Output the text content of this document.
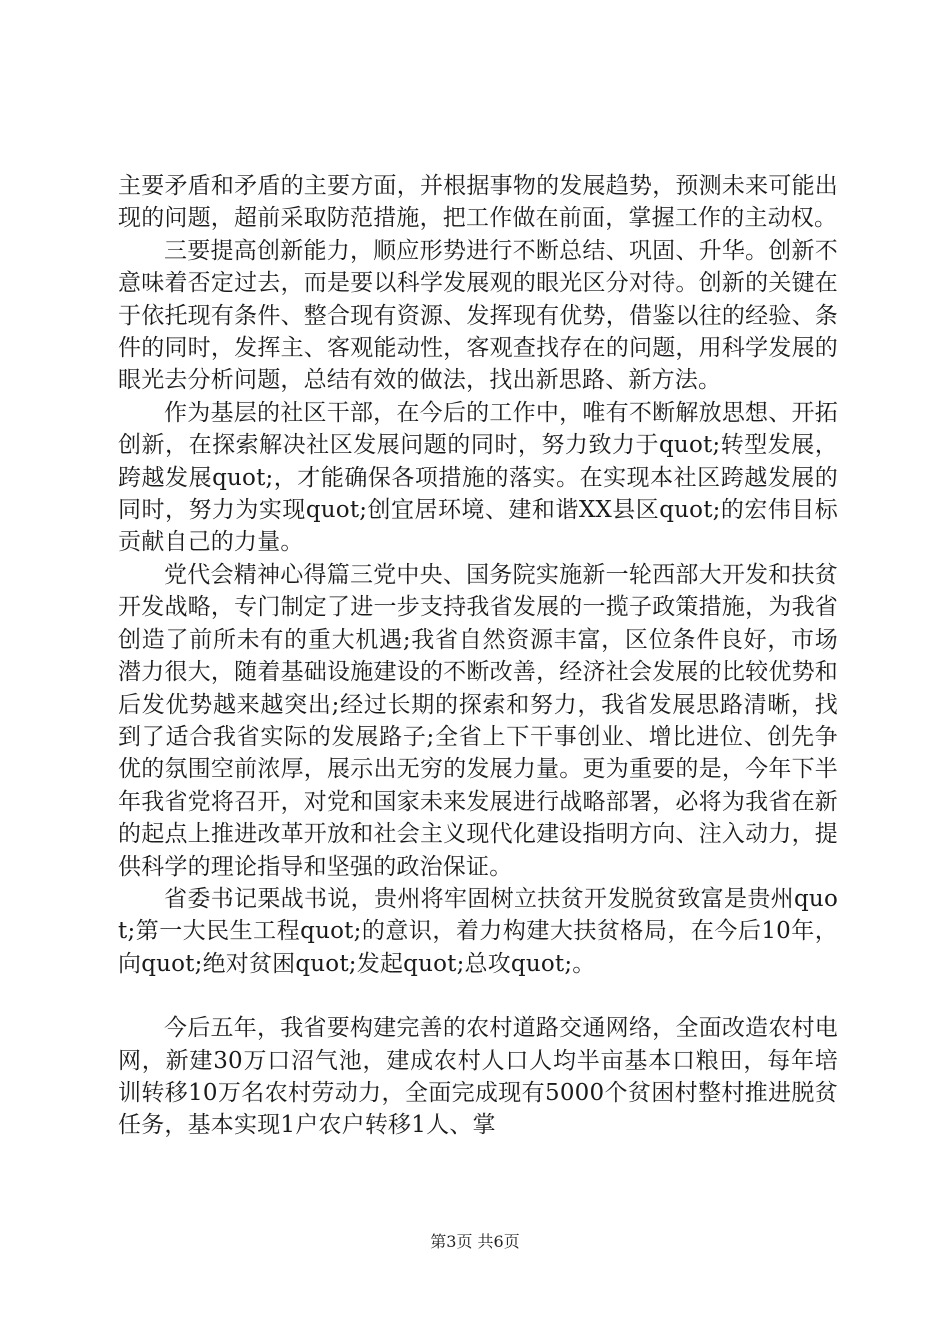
主要矛盾和矛盾的主要方面，并根据事物的发展趋势，预测未来可能出现的问题，超前采取防范措施，把工作做在前面，掌握工作的主动权。

三要提高创新能力，顺应形势进行不断总结、巩固、升华。创新不意味着否定过去，而是要以科学发展观的眼光区分对待。创新的关键在于依托现有条件、整合现有资源、发挥现有优势，借鉴以往的经验、条件的同时，发挥主、客观能动性，客观查找存在的问题，用科学发展的眼光去分析问题，总结有效的做法，找出新思路、新方法。

作为基层的社区干部，在今后的工作中，唯有不断解放思想、开拓创新，在探索解决社区发展问题的同时，努力致力于quot;转型发展，跨越发展quot;，才能确保各项措施的落实。在实现本社区跨越发展的同时，努力为实现quot;创宜居环境、建和谐XX县区quot;的宏伟目标贡献自己的力量。

党代会精神心得篇三党中央、国务院实施新一轮西部大开发和扶贫开发战略，专门制定了进一步支持我省发展的一揽子政策措施，为我省创造了前所未有的重大机遇;我省自然资源丰富，区位条件良好，市场潜力很大，随着基础设施建设的不断改善，经济社会发展的比较优势和后发优势越来越突出;经过长期的探索和努力，我省发展思路清晰，找到了适合我省实际的发展路子;全省上下干事创业、增比进位、创先争优的氛围空前浓厚，展示出无穷的发展力量。更为重要的是，今年下半年我省党将召开，对党和国家未来发展进行战略部署，必将为我省在新的起点上推进改革开放和社会主义现代化建设指明方向、注入动力，提供科学的理论指导和坚强的政治保证。

省委书记栗战书说，贵州将牢固树立扶贫开发脱贫致富是贵州quot;第一大民生工程quot;的意识，着力构建大扶贫格局，在今后10年，向quot;绝对贫困quot;发起quot;总攻quot;。

今后五年，我省要构建完善的农村道路交通网络，全面改造农村电网，新建30万口沼气池，建成农村人口人均半亩基本口粮田，每年培训转移10万名农村劳动力，全面完成现有5000个贫困村整村推进脱贫任务，基本实现1户农户转移1人、掌

第3页 共6页
